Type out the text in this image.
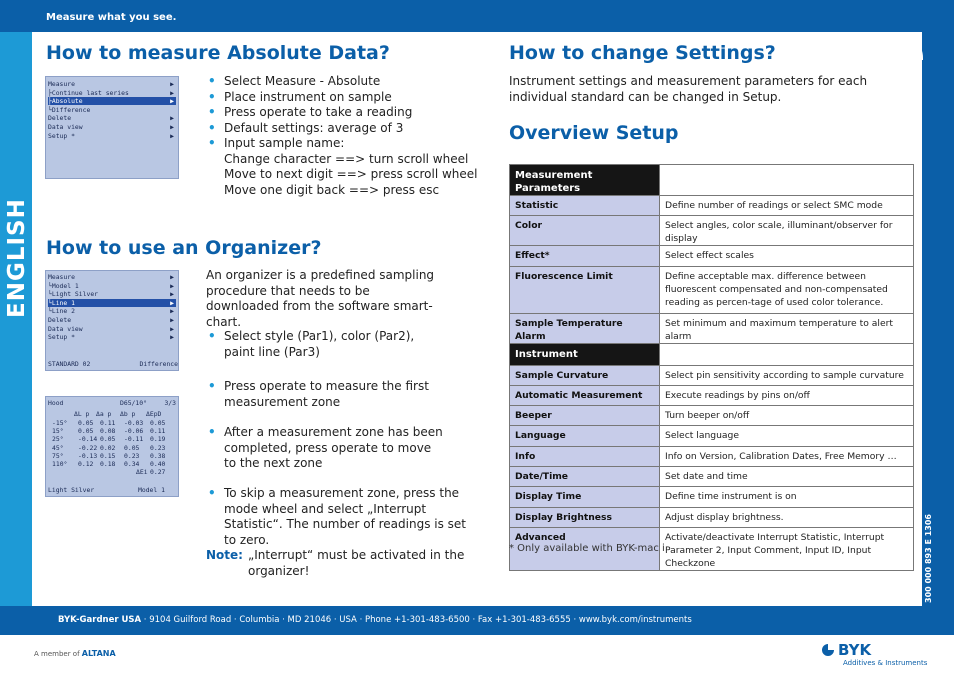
Measure what you see.
ENGLISH
300 000 893 E 1306
How to measure Absolute Data?
Measure	▶
├Continue last series	▶
├Absolute	▶
└Difference
Delete	▶
Data view	▶
Setup *	▶
• Select Measure - Absolute
• Place instrument on sample
• Press operate to take a reading
• Default settings: average of 3
• Input sample name:
Change character ==> turn scroll wheel
Move to next digit ==> press scroll wheel
Move one digit back ==> press esc
How to use an Organizer?
Measure	▶
└Model 1	▶
└Light Silver	▶
└Line 1	▶
└Line 2	▶
Delete	▶
Data view	▶
Setup *	▶
STANDARD 02	Difference
Hood	D65/10°	3/3
ΔL p Δa p Δb p ΔEpD
-15° 0.05 0.11 -0.03 0.05
15° 0.05 0.08 -0.06 0.11
25° -0.14 0.05 -0.11 0.19
45° -0.22 0.02 0.05 0.23
75° -0.13 0.15 0.23 0.38
110° 0.12 0.18 0.34 0.40
ΔEi 0.27
Light Silver	Model 1

An organizer is a predefined sampling procedure that needs to be downloaded from the software smart-chart.

• Select style (Par1), color (Par2), paint line (Par3)
• Press operate to measure the first measurement zone
• After a measurement zone has been completed, press operate to move to the next zone
• To skip a measurement zone, press the mode wheel and select „Interrupt Statistic“. The number of readings is set to zero.
Note: „Interrupt“ must be activated in the organizer!

How to change Settings?

Instrument settings and measurement parameters for each individual standard can be changed in Setup.

Overview Setup
Measurement Parameters	
Statistic	Define number of readings or select SMC mode
Color	Select angles, color scale, illuminant/observer for display
Effect*	Select effect scales
Fluorescence Limit	Define acceptable max. difference between fluorescent compensated and non-compensated reading as percen-tage of used color tolerance.
Sample Temperature Alarm	Set minimum and maximum temperature to alert alarm
Instrument	
Sample Curvature	Select pin sensitivity according to sample curvature
Automatic Measurement	Execute readings by pins on/off
Beeper	Turn beeper on/off
Language	Select language
Info	Info on Version, Calibration Dates, Free Memory …
Date/Time	Set date and time
Display Time	Define time instrument is on
Display Brightness	Adjust display brightness.
Advanced	Activate/deactivate Interrupt Statistic, Interrupt Parameter 2, Input Comment, Input ID, Input Checkzone
* Only available with BYK-mac i
BYK-Gardner USA · 9104 Guilford Road · Columbia · MD 21046 · USA · Phone +1-301-483-6500 · Fax +1-301-483-6555 · www.byk.com/instruments
A member of ALTANA	BYK
Additives & Instruments
